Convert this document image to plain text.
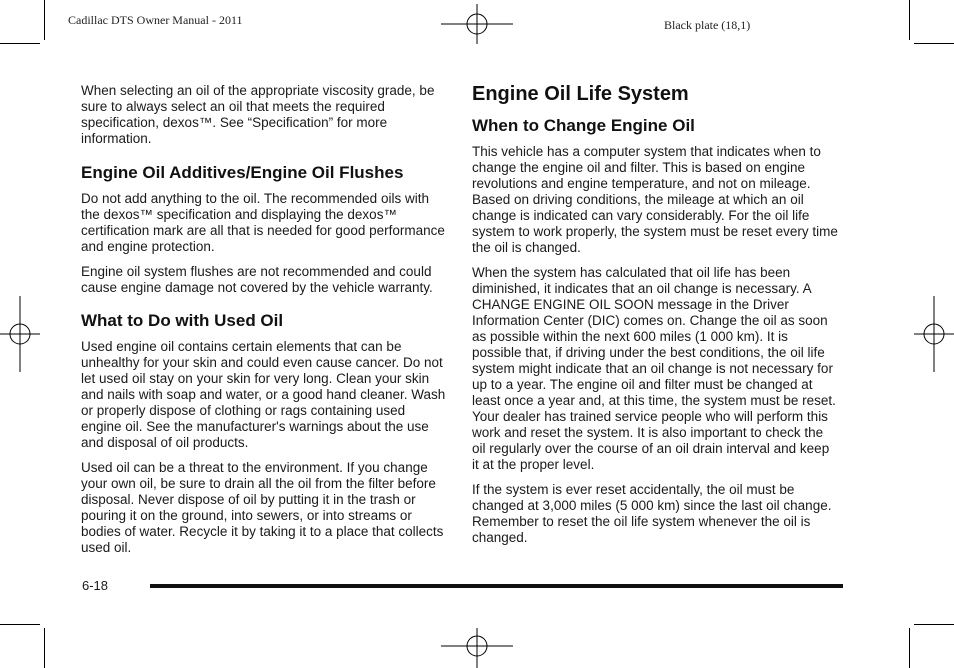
Cadillac DTS Owner Manual - 2011	Black plate (18,1)

When selecting an oil of the appropriate viscosity grade, be sure to always select an oil that meets the required specification, dexos™. See “Specification” for more information.

Engine Oil Additives/Engine Oil Flushes

Do not add anything to the oil. The recommended oils with the dexos™ specification and displaying the dexos™ certification mark are all that is needed for good performance and engine protection.

Engine oil system flushes are not recommended and could cause engine damage not covered by the vehicle warranty.

What to Do with Used Oil

Used engine oil contains certain elements that can be unhealthy for your skin and could even cause cancer. Do not let used oil stay on your skin for very long. Clean your skin and nails with soap and water, or a good hand cleaner. Wash or properly dispose of clothing or rags containing used engine oil. See the manufacturer's warnings about the use and disposal of oil products.

Used oil can be a threat to the environment. If you change your own oil, be sure to drain all the oil from the filter before disposal. Never dispose of oil by putting it in the trash or pouring it on the ground, into sewers, or into streams or bodies of water. Recycle it by taking it to a place that collects used oil.

Engine Oil Life System
When to Change Engine Oil

This vehicle has a computer system that indicates when to change the engine oil and filter. This is based on engine revolutions and engine temperature, and not on mileage. Based on driving conditions, the mileage at which an oil change is indicated can vary considerably. For the oil life system to work properly, the system must be reset every time the oil is changed.

When the system has calculated that oil life has been diminished, it indicates that an oil change is necessary. A CHANGE ENGINE OIL SOON message in the Driver Information Center (DIC) comes on. Change the oil as soon as possible within the next 600 miles (1 000 km). It is possible that, if driving under the best conditions, the oil life system might indicate that an oil change is not necessary for up to a year. The engine oil and filter must be changed at least once a year and, at this time, the system must be reset. Your dealer has trained service people who will perform this work and reset the system. It is also important to check the oil regularly over the course of an oil drain interval and keep it at the proper level.

If the system is ever reset accidentally, the oil must be changed at 3,000 miles (5 000 km) since the last oil change. Remember to reset the oil life system whenever the oil is changed.

6-18
